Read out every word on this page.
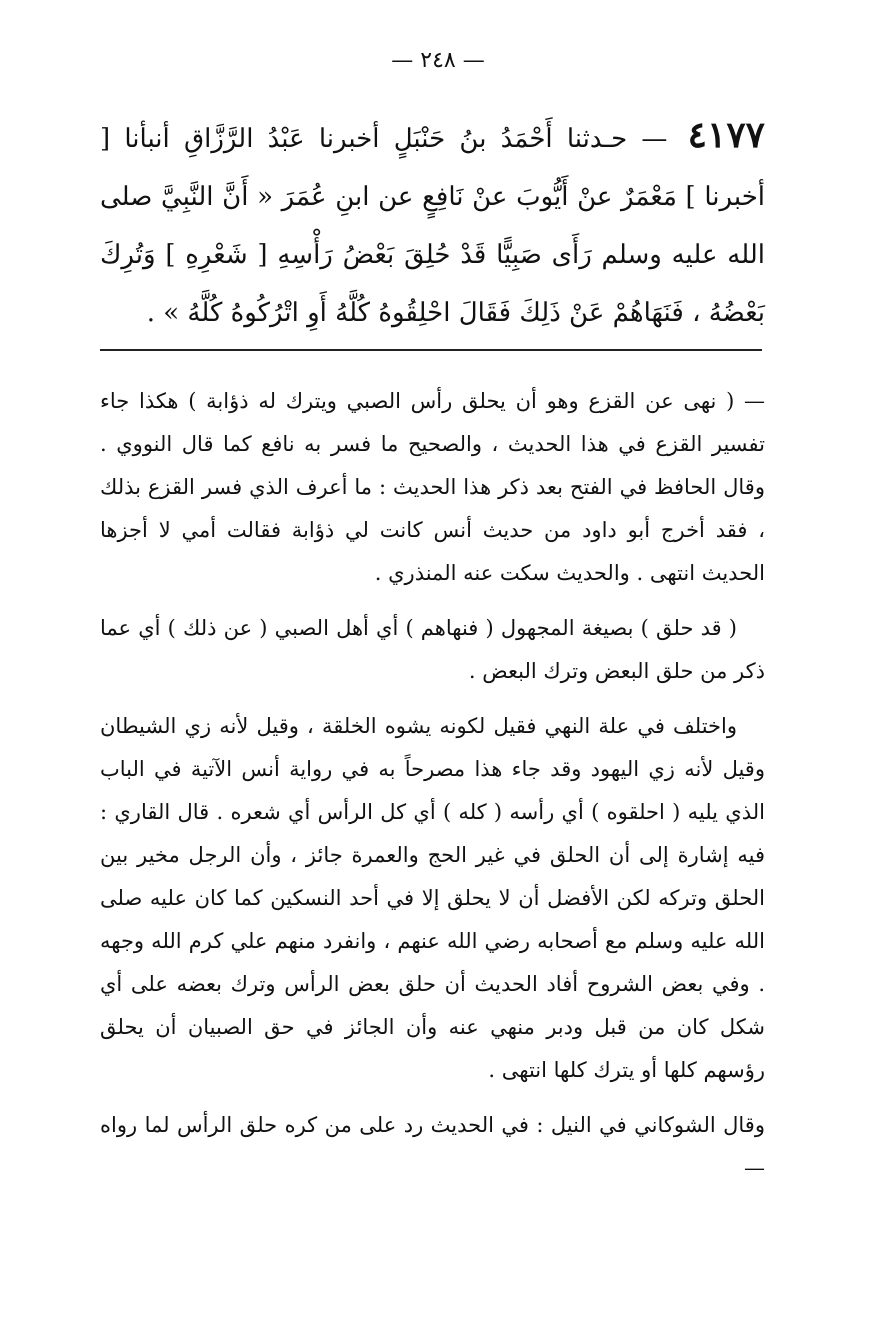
— ٢٤٨ —
٤١٧٧ — حـدثنا أَحْمَدُ بنُ حَنْبَلٍ أخبرنا عَبْدُ الرَّزَّاقِ أنبأنا [ أخبرنا ] مَعْمَرٌ عنْ أَيُّوبَ عنْ نَافِعٍ عن ابنِ عُمَرَ « أَنَّ النَّبِيَّ صلى الله عليه وسلم رَأَى صَبِيًّا قَدْ حُلِقَ بَعْضُ رَأْسِهِ [ شَعْرِهِ ] وَتُرِكَ بَعْضُهُ ، فَنَهَاهُمْ عَنْ ذَلِكَ فَقَالَ احْلِقُوهُ كُلَّهُ أَوِ اتْرُكُوهُ كُلَّهُ » .

— ( نهى عن القزع وهو أن يحلق رأس الصبي ويترك له ذؤابة ) هكذا جاء تفسير القزع في هذا الحديث ، والصحيح ما فسر به نافع كما قال النووي . وقال الحافظ في الفتح بعد ذكر هذا الحديث : ما أعرف الذي فسر القزع بذلك ، فقد أخرج أبو داود من حديث أنس كانت لي ذؤابة فقالت أمي لا أجزها الحديث انتهى . والحديث سكت عنه المنذري .

( قد حلق ) بصيغة المجهول ( فنهاهم ) أي أهل الصبي ( عن ذلك ) أي عما ذكر من حلق البعض وترك البعض .

واختلف في علة النهي فقيل لكونه يشوه الخلقة ، وقيل لأنه زي الشيطان وقيل لأنه زي اليهود وقد جاء هذا مصرحاً به في رواية أنس الآتية في الباب الذي يليه ( احلقوه ) أي رأسه ( كله ) أي كل الرأس أي شعره . قال القاري : فيه إشارة إلى أن الحلق في غير الحج والعمرة جائز ، وأن الرجل مخير بين الحلق وتركه لكن الأفضل أن لا يحلق إلا في أحد النسكين كما كان عليه صلى الله عليه وسلم مع أصحابه رضي الله عنهم ، وانفرد منهم علي كرم الله وجهه . وفي بعض الشروح أفاد الحديث أن حلق بعض الرأس وترك بعضه على أي شكل كان من قبل ودبر منهي عنه وأن الجائز في حق الصبيان أن يحلق رؤسهم كلها أو يترك كلها انتهى .

وقال الشوكاني في النيل : في الحديث رد على من كره حلق الرأس لما رواه —
